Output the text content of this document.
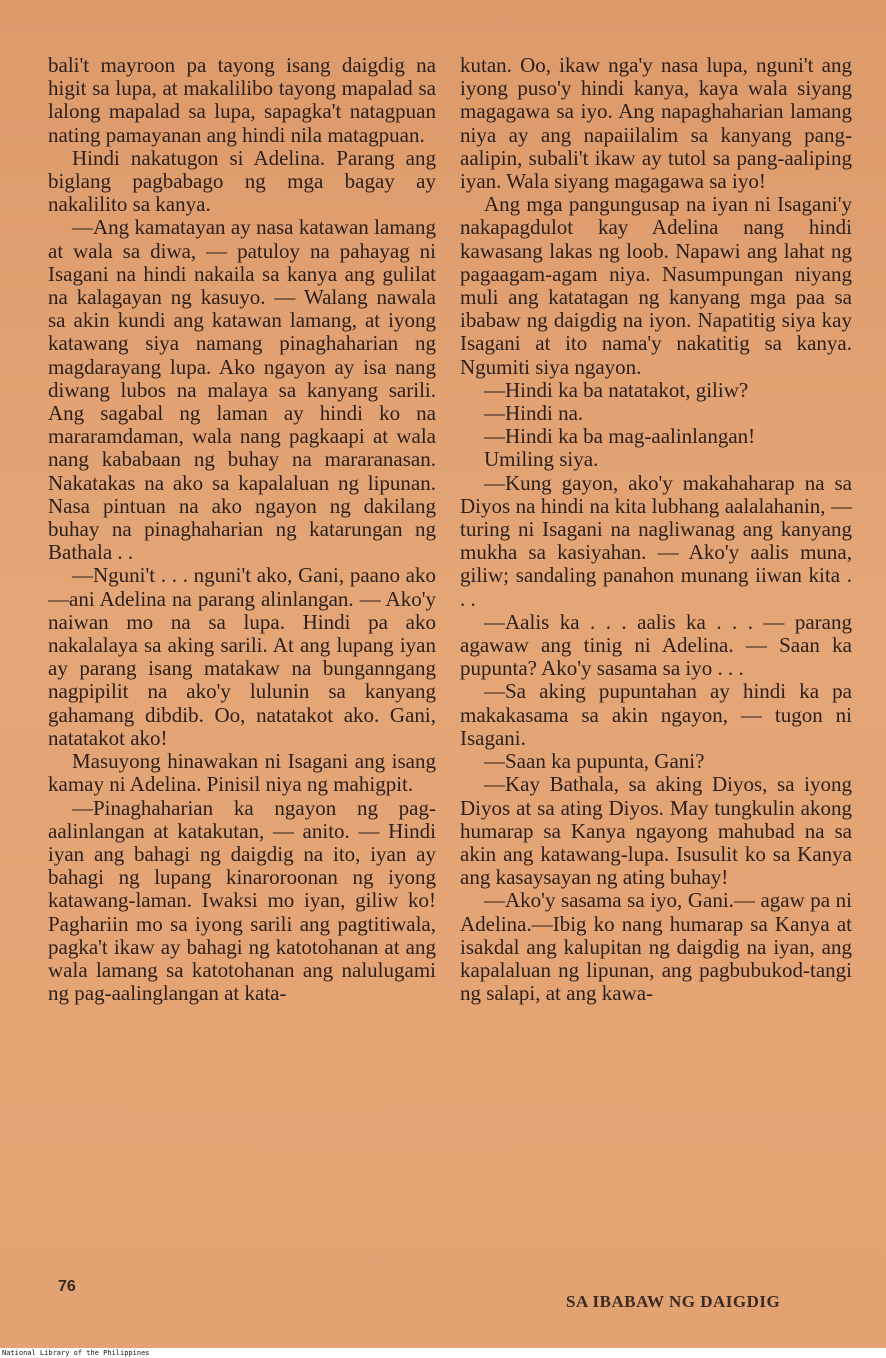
bali't mayroon pa tayong isang daigdig na higit sa lupa, at makalilibo tayong mapalad sa lalong mapalad sa lupa, sapagka't natagpuan nating pamayanan ang hindi nila matagpuan.

Hindi nakatugon si Adelina. Parang ang biglang pagbabago ng mga bagay ay nakalilito sa kanya.

—Ang kamatayan ay nasa katawan lamang at wala sa diwa, — patuloy na pahayag ni Isagani na hindi nakaila sa kanya ang gulilat na kalagayan ng kasuyo. — Walang nawala sa akin kundi ang katawan lamang, at iyong katawang siya namang pinaghaharian ng magdarayang lupa. Ako ngayon ay isa nang diwang lubos na malaya sa kanyang sarili. Ang sagabal ng laman ay hindi ko na mararamdaman, wala nang pagkaapi at wala nang kababaan ng buhay na mararanasan. Nakatakas na ako sa kapalaluan ng lipunan. Nasa pintuan na ako ngayon ng dakilang buhay na pinaghaharian ng katarungan ng Bathala . .

—Nguni't . . . nguni't ako, Gani, paano ako —ani Adelina na parang alinlangan. — Ako'y naiwan mo na sa lupa. Hindi pa ako nakalalaya sa aking sarili. At ang lupang iyan ay parang isang matakaw na bunganngang nagpipilit na ako'y lulunin sa kanyang gahamang dibdib. Oo, natatakot ako. Gani, natatakot ako!

Masuyong hinawakan ni Isagani ang isang kamay ni Adelina. Pinisil niya ng mahigpit.

—Pinaghaharian ka ngayon ng pag-aalinlangan at katakutan, — anito. — Hindi iyan ang bahagi ng daigdig na ito, iyan ay bahagi ng lupang kinaroroonan ng iyong katawang-laman. Iwaksi mo iyan, giliw ko! Paghariin mo sa iyong sarili ang pagtitiwala, pagka't ikaw ay bahagi ng katotohanan at ang wala lamang sa katotohanan ang nalulugami ng pag-aalinglangan at kata-

kutan. Oo, ikaw nga'y nasa lupa, nguni't ang iyong puso'y hindi kanya, kaya wala siyang magagawa sa iyo. Ang napaghaharian lamang niya ay ang napaiilalim sa kanyang pang-aalipin, subali't ikaw ay tutol sa pang-aaliping iyan. Wala siyang magagawa sa iyo!

Ang mga pangungusap na iyan ni Isagani'y nakapagdulot kay Adelina nang hindi kawasang lakas ng loob. Napawi ang lahat ng pagaagam-agam niya. Nasumpungan niyang muli ang katatagan ng kanyang mga paa sa ibabaw ng daigdig na iyon. Napatitig siya kay Isagani at ito nama'y nakatitig sa kanya. Ngumiti siya ngayon.

—Hindi ka ba natatakot, giliw?

—Hindi na.

—Hindi ka ba mag-aalinlangan!

Umiling siya.

—Kung gayon, ako'y makahaharap na sa Diyos na hindi na kita lubhang aalalahanin, — turing ni Isagani na nagliwanag ang kanyang mukha sa kasiyahan. — Ako'y aalis muna, giliw; sandaling panahon munang iiwan kita . . .

—Aalis ka . . . aalis ka . . . — parang agawaw ang tinig ni Adelina. — Saan ka pupunta? Ako'y sasama sa iyo . . .

—Sa aking pupuntahan ay hindi ka pa makakasama sa akin ngayon, — tugon ni Isagani.

—Saan ka pupunta, Gani?

—Kay Bathala, sa aking Diyos, sa iyong Diyos at sa ating Diyos. May tungkulin akong humarap sa Kanya ngayong mahubad na sa akin ang katawang-lupa. Isusulit ko sa Kanya ang kasaysayan ng ating buhay!

—Ako'y sasama sa iyo, Gani.— agaw pa ni Adelina.—Ibig ko nang humarap sa Kanya at isakdal ang kalupitan ng daigdig na iyan, ang kapalaluan ng lipunan, ang pagbubukod-tangi ng salapi, at ang kawa-

76
SA IBABAW NG DAIGDIG
National Library of the Philippines
